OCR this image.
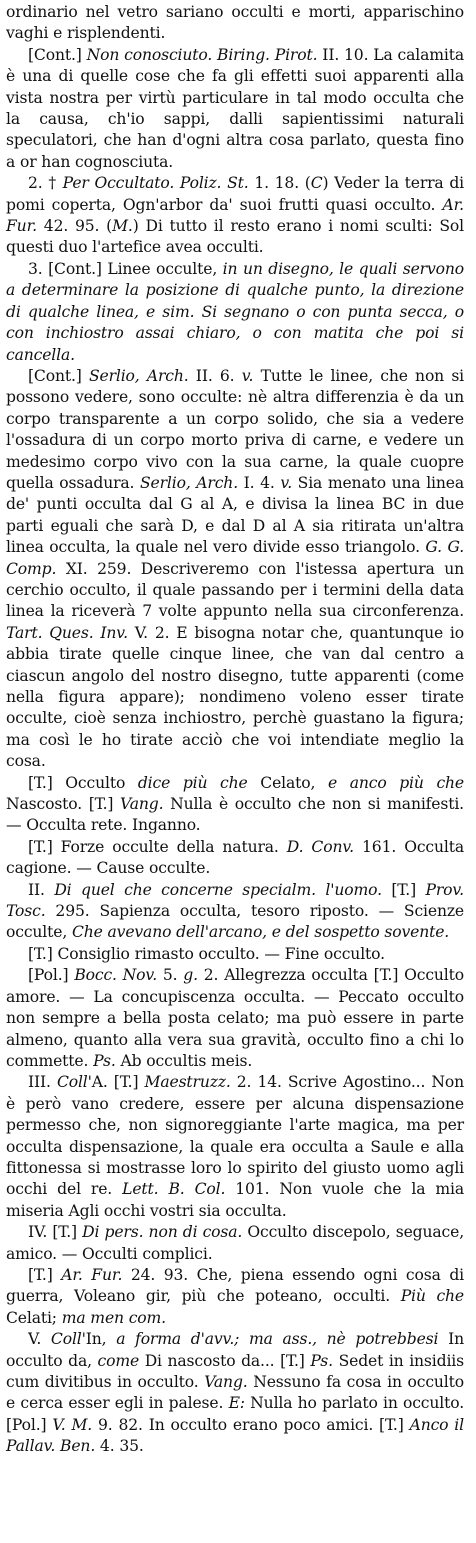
ordinario nel vetro sariano occulti e morti, apparischino vaghi e risplendenti.

[Cont.] Non conosciuto. Biring. Pirot. II. 10. La calamita è una di quelle cose che fa gli effetti suoi apparenti alla vista nostra per virtù particulare in tal modo occulta che la causa, ch'io sappi, dalli sapientissimi naturali speculatori, che han d'ogni altra cosa parlato, questa fino a or han cognosciuta.

2. † Per Occultato. Poliz. St. 1. 18. (C) Veder la terra di pomi coperta, Ogn'arbor da' suoi frutti quasi occulto. Ar. Fur. 42. 95. (M.) Di tutto il resto erano i nomi sculti: Sol questi duo l'artefice avea occulti.

3. [Cont.] Linee occulte, in un disegno, le quali servono a determinare la posizione di qualche punto, la direzione di qualche linea, e sim. Si segnano o con punta secca, o con inchiostro assai chiaro, o con matita che poi si cancella.

[Cont.] Serlio, Arch. II. 6. v. Tutte le linee, che non si possono vedere, sono occulte: nè altra differenzia è da un corpo transparente a un corpo solido, che sia a vedere l'ossadura di un corpo morto priva di carne, e vedere un medesimo corpo vivo con la sua carne, la quale cuopre quella ossadura. Serlio, Arch. I. 4. v. Sia menato una linea de' punti occulta dal G al A, e divisa la linea BC in due parti eguali che sarà D, e dal D al A sia ritirata un'altra linea occulta, la quale nel vero divide esso triangolo. G. G. Comp. XI. 259. Descriveremo con l'istessa apertura un cerchio occulto, il quale passando per i termini della data linea la riceverà 7 volte appunto nella sua circonferenza. Tart. Ques. Inv. V. 2. E bisogna notar che, quantunque io abbia tirate quelle cinque linee, che van dal centro a ciascun angolo del nostro disegno, tutte apparenti (come nella figura appare); nondimeno voleno esser tirate occulte, cioè senza inchiostro, perchè guastano la figura; ma così le ho tirate acciò che voi intendiate meglio la cosa.

[T.] Occulto dice più che Celato, e anco più che Nascosto. [T.] Vang. Nulla è occulto che non si manifesti. — Occulta rete. Inganno.

[T.] Forze occulte della natura. D. Conv. 161. Occulta cagione. — Cause occulte.

II. Di quel che concerne specialm. l'uomo. [T.] Prov. Tosc. 295. Sapienza occulta, tesoro riposto. — Scienze occulte, Che avevano dell'arcano, e del sospetto sovente.

[T.] Consiglio rimasto occulto. — Fine occulto.

[Pol.] Bocc. Nov. 5. g. 2. Allegrezza occulta [T.] Occulto amore. — La concupiscenza occulta. — Peccato occulto non sempre a bella posta celato; ma può essere in parte almeno, quanto alla vera sua gravità, occulto fino a chi lo commette. Ps. Ab occultis meis.

III. Coll'A. [T.] Maestruzz. 2. 14. Scrive Agostino... Non è però vano credere, essere per alcuna dispensazione permesso che, non signoreggiante l'arte magica, ma per occulta dispensazione, la quale era occulta a Saule e alla fittonessa si mostrasse loro lo spirito del giusto uomo agli occhi del re. Lett. B. Col. 101. Non vuole che la mia miseria Agli occhi vostri sia occulta.

IV. [T.] Di pers. non di cosa. Occulto discepolo, seguace, amico. — Occulti complici.

[T.] Ar. Fur. 24. 93. Che, piena essendo ogni cosa di guerra, Voleano gir, più che poteano, occulti. Più che Celati; ma men com.

V. Coll'In, a forma d'avv.; ma ass., nè potrebbesi In occulto da, come Di nascosto da... [T.] Ps. Sedet in insidiis cum divitibus in occulto. Vang. Nessuno fa cosa in occulto e cerca esser egli in palese. E: Nulla ho parlato in occulto. [Pol.] V. M. 9. 82. In occulto erano poco amici. [T.] Anco il Pallav. Ben. 4. 35.
